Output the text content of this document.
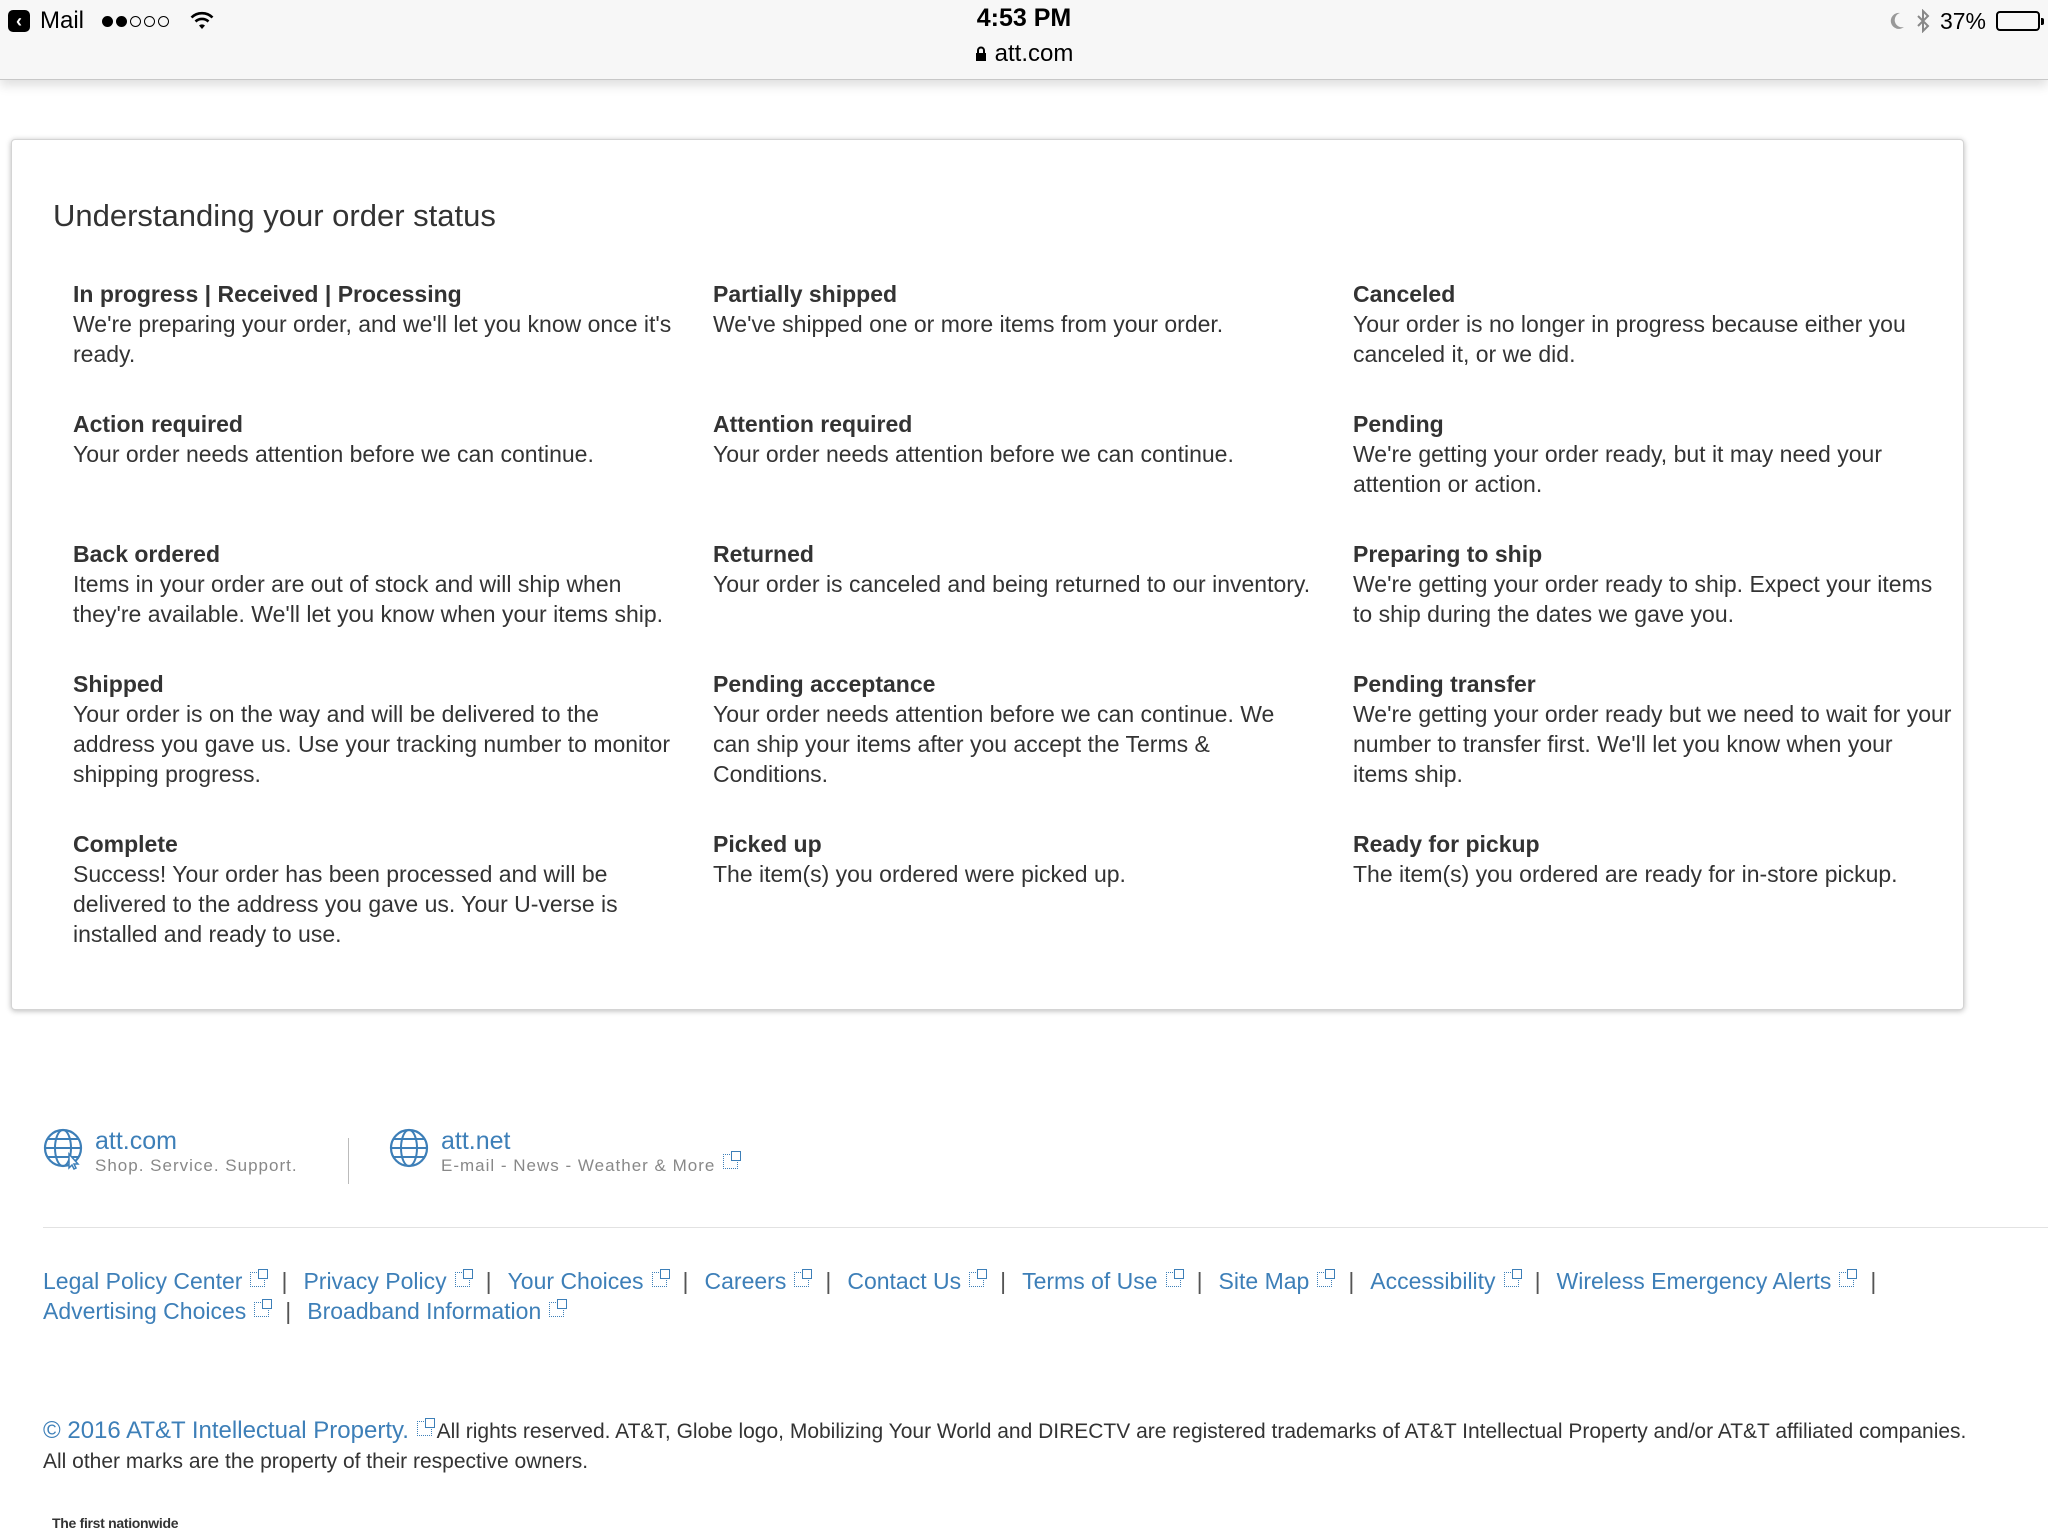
‹ Mail	4:53 PM	37%
att.com
Understanding your order status
In progress | Received | Processing
We're preparing your order, and we'll let you know once it's ready.
Partially shipped
We've shipped one or more items from your order.
Canceled
Your order is no longer in progress because either you canceled it, or we did.
Action required
Your order needs attention before we can continue.
Attention required
Your order needs attention before we can continue.
Pending
We're getting your order ready, but it may need your attention or action.
Back ordered
Items in your order are out of stock and will ship when they're available. We'll let you know when your items ship.
Returned
Your order is canceled and being returned to our inventory.
Preparing to ship
We're getting your order ready to ship. Expect your items to ship during the dates we gave you.
Shipped
Your order is on the way and will be delivered to the address you gave us. Use your tracking number to monitor shipping progress.
Pending acceptance
Your order needs attention before we can continue. We can ship your items after you accept the Terms & Conditions.
Pending transfer
We're getting your order ready but we need to wait for your number to transfer first. We'll let you know when your items ship.
Complete
Success! Your order has been processed and will be delivered to the address you gave us. Your U-verse is installed and ready to use.
Picked up
The item(s) you ordered were picked up.
Ready for pickup
The item(s) you ordered are ready for in-store pickup.
att.com
Shop. Service. Support.
att.net
E-mail - News - Weather & More
Legal Policy Center | Privacy Policy | Your Choices | Careers | Contact Us | Terms of Use | Site Map | Accessibility | Wireless Emergency Alerts |
Advertising Choices | Broadband Information
© 2016 AT&T Intellectual Property. All rights reserved. AT&T, Globe logo, Mobilizing Your World and DIRECTV are registered trademarks of AT&T Intellectual Property and/or AT&T affiliated companies.
All other marks are the property of their respective owners.
The first nationwide
